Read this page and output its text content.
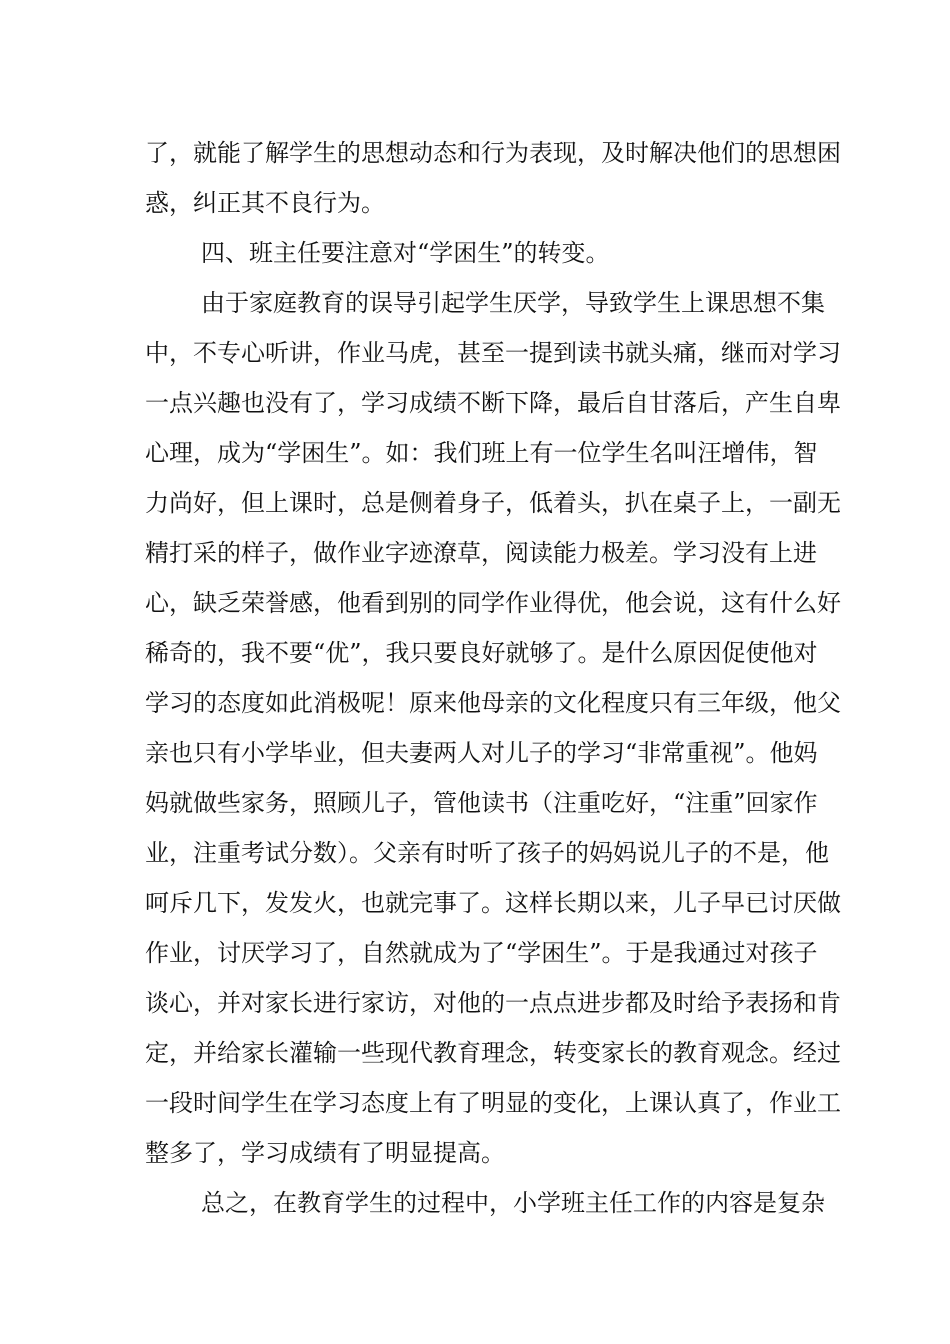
了，就能了解学生的思想动态和行为表现，及时解决他们的思想困
惑，纠正其不良行为。
四、班主任要注意对“学困生”的转变。
由于家庭教育的误导引起学生厌学，导致学生上课思想不集
中，不专心听讲，作业马虎，甚至一提到读书就头痛，继而对学习
一点兴趣也没有了，学习成绩不断下降，最后自甘落后，产生自卑
心理，成为“学困生”。如：我们班上有一位学生名叫汪增伟，智
力尚好，但上课时，总是侧着身子，低着头，扒在桌子上，一副无
精打采的样子，做作业字迹潦草，阅读能力极差。学习没有上进
心，缺乏荣誉感，他看到别的同学作业得优，他会说，这有什么好
稀奇的，我不要“优”，我只要良好就够了。是什么原因促使他对
学习的态度如此消极呢！原来他母亲的文化程度只有三年级，他父
亲也只有小学毕业，但夫妻两人对儿子的学习“非常重视”。他妈
妈就做些家务，照顾儿子，管他读书（注重吃好，“注重”回家作
业，注重考试分数）。父亲有时听了孩子的妈妈说儿子的不是，他
呵斥几下，发发火，也就完事了。这样长期以来，儿子早已讨厌做
作业，讨厌学习了，自然就成为了“学困生”。于是我通过对孩子
谈心，并对家长进行家访，对他的一点点进步都及时给予表扬和肯
定，并给家长灌输一些现代教育理念，转变家长的教育观念。经过
一段时间学生在学习态度上有了明显的变化，上课认真了，作业工
整多了，学习成绩有了明显提高。
总之，在教育学生的过程中，小学班主任工作的内容是复杂
